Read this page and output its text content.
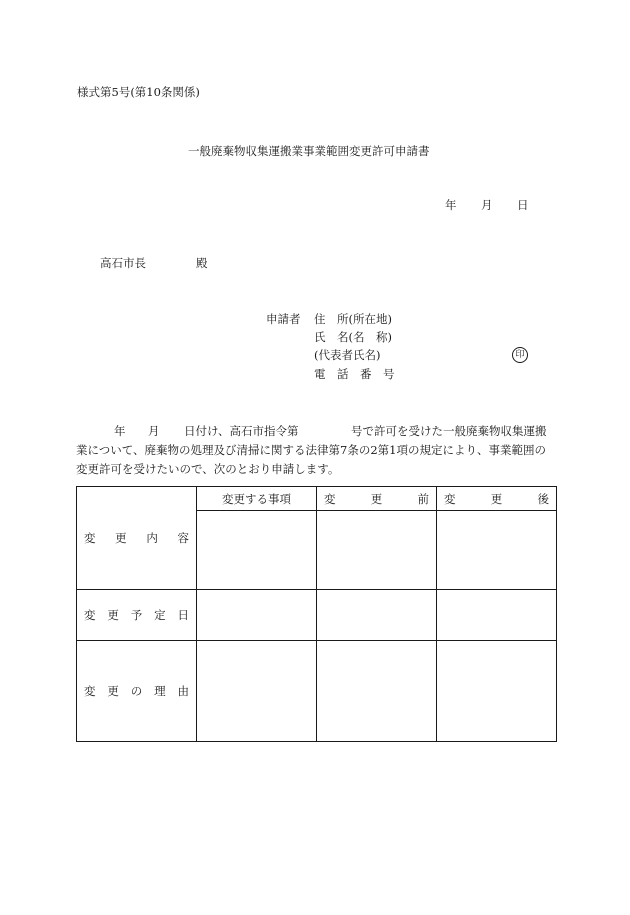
様式第5号(第10条関係)
一般廃棄物収集運搬業事業範囲変更許可申請書
年 月 日
高石市長	殿
申請者 住　所(所在地)
氏　名(名　称)
(代表者氏名)
電　話　番　号
印
年 月 日付け、高石市指令第	号で許可を受けた一般廃棄物収集運搬
業について、廃棄物の処理及び清掃に関する法律第7条の2第1項の規定により、事業範囲の
変更許可を受けたいので、次のとおり申請します。
変 更 内 容	変更する事項	変 更 前	変 更 後

変 更 予 定 日			

変 更 の 理 由			
